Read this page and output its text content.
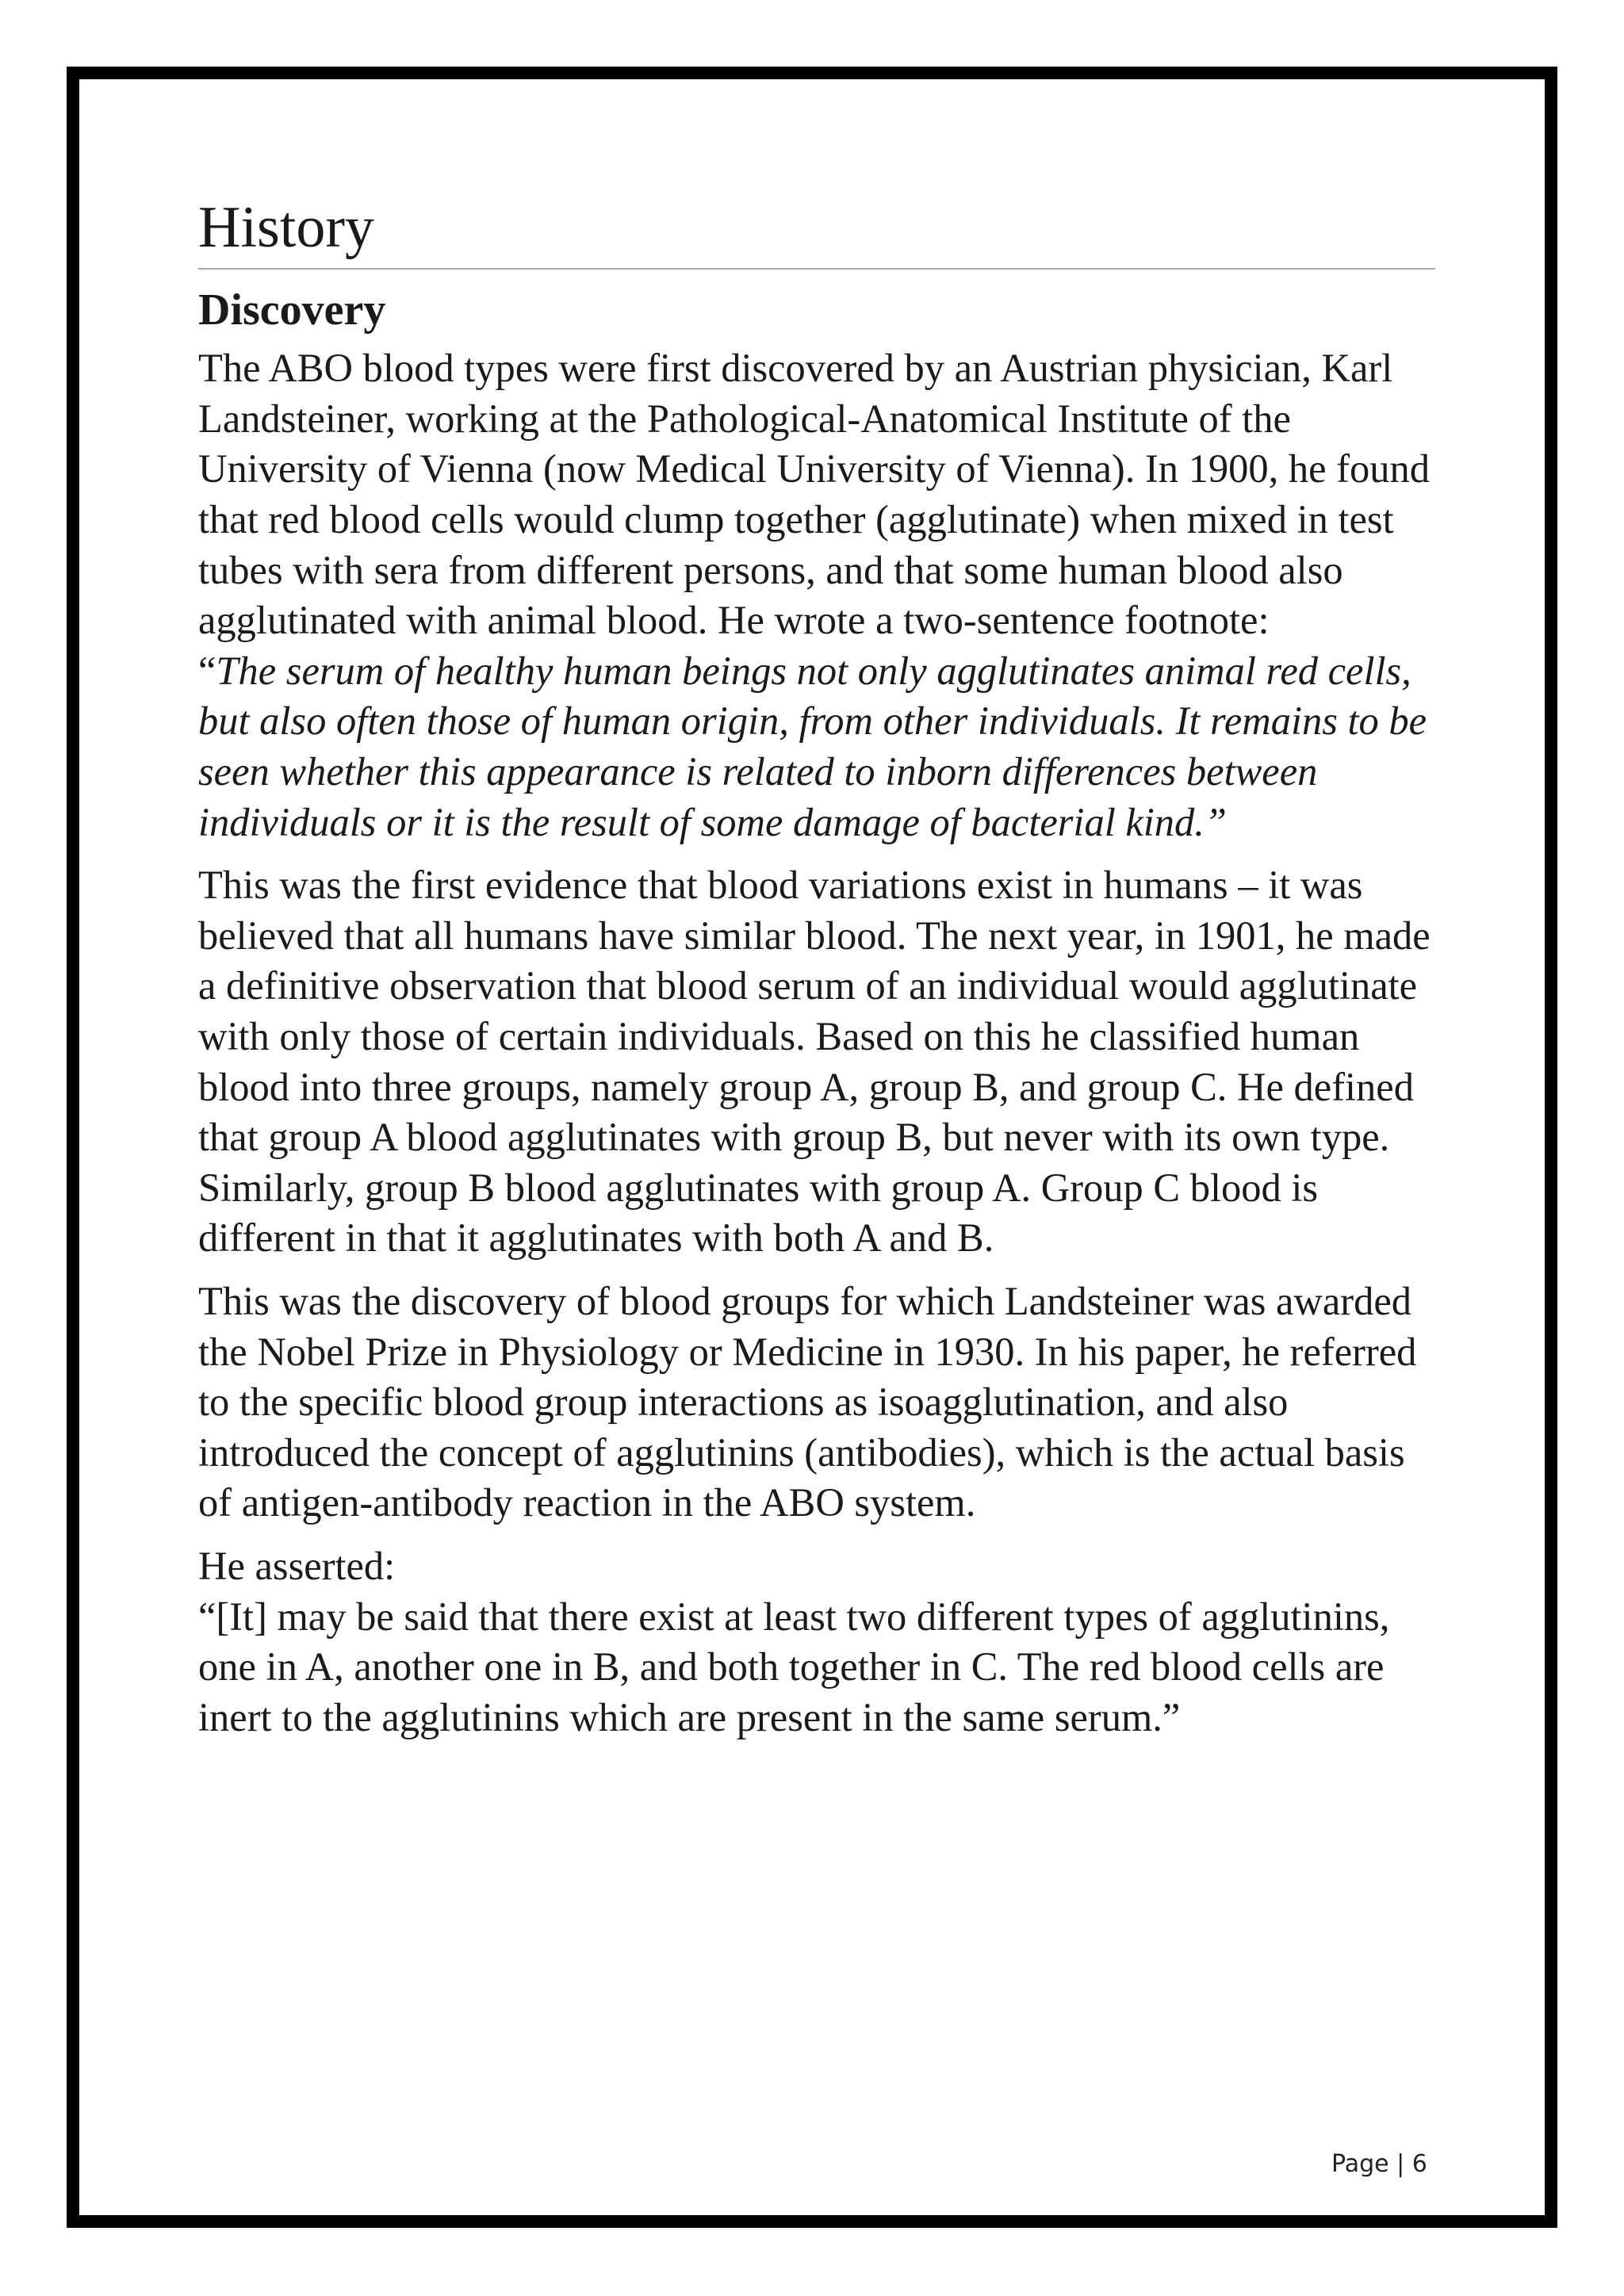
History
Discovery
The ABO blood types were first discovered by an Austrian physician, Karl Landsteiner, working at the Pathological-Anatomical Institute of the University of Vienna (now Medical University of Vienna). In 1900, he found that red blood cells would clump together (agglutinate) when mixed in test tubes with sera from different persons, and that some human blood also agglutinated with animal blood. He wrote a two-sentence footnote:
“The serum of healthy human beings not only agglutinates animal red cells, but also often those of human origin, from other individuals. It remains to be seen whether this appearance is related to inborn differences between individuals or it is the result of some damage of bacterial kind.”

This was the first evidence that blood variations exist in humans – it was believed that all humans have similar blood. The next year, in 1901, he made a definitive observation that blood serum of an individual would agglutinate with only those of certain individuals. Based on this he classified human blood into three groups, namely group A, group B, and group C. He defined that group A blood agglutinates with group B, but never with its own type. Similarly, group B blood agglutinates with group A. Group C blood is different in that it agglutinates with both A and B.

This was the discovery of blood groups for which Landsteiner was awarded the Nobel Prize in Physiology or Medicine in 1930. In his paper, he referred to the specific blood group interactions as isoagglutination, and also introduced the concept of agglutinins (antibodies), which is the actual basis of antigen-antibody reaction in the ABO system.

He asserted:
“[It] may be said that there exist at least two different types of agglutinins, one in A, another one in B, and both together in C. The red blood cells are inert to the agglutinins which are present in the same serum.”
Page | 6
